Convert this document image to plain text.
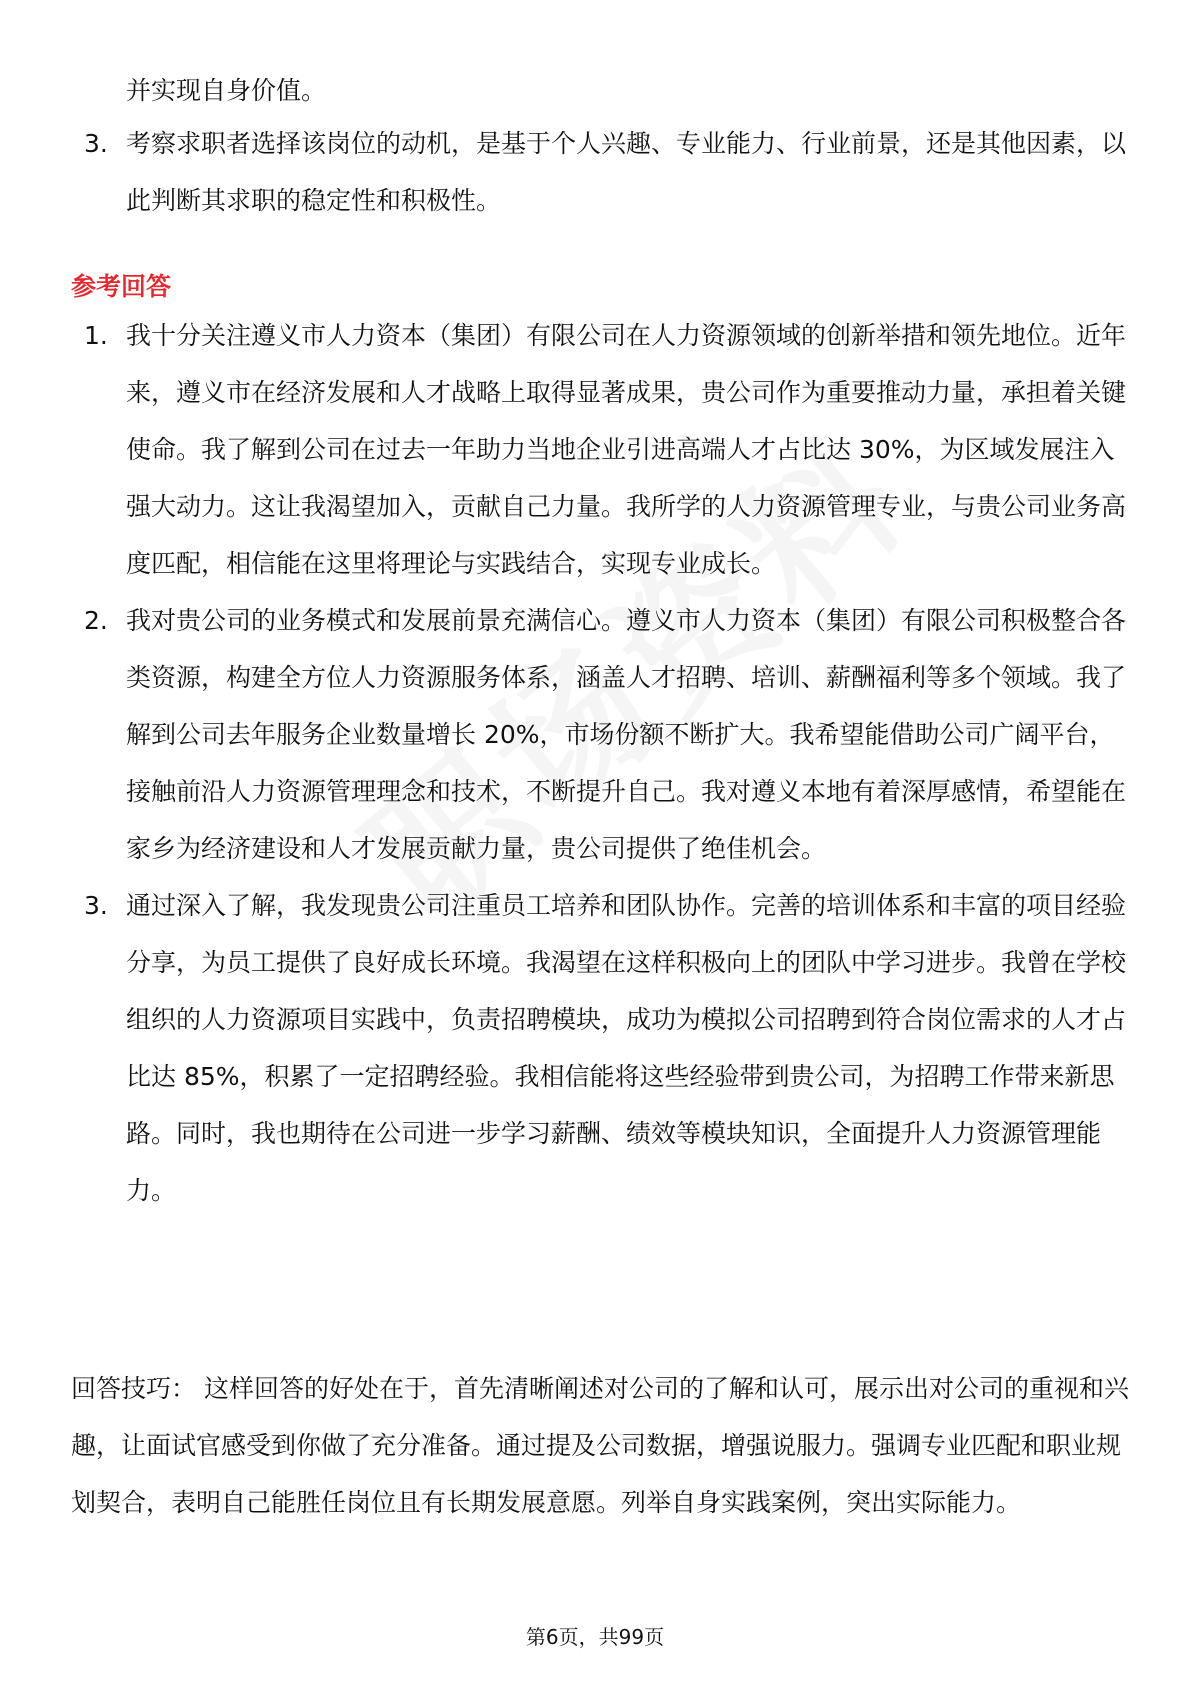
并实现自身价值。
3. 考察求职者选择该岗位的动机，是基于个人兴趣、专业能力、行业前景，还是其他因素，以此判断其求职的稳定性和积极性。
参考回答
1. 我十分关注遵义市人力资本（集团）有限公司在人力资源领域的创新举措和领先地位。近年来，遵义市在经济发展和人才战略上取得显著成果，贵公司作为重要推动力量，承担着关键使命。我了解到公司在过去一年助力当地企业引进高端人才占比达 30%，为区域发展注入强大动力。这让我渴望加入，贡献自己力量。我所学的人力资源管理专业，与贵公司业务高度匹配，相信能在这里将理论与实践结合，实现专业成长。
2. 我对贵公司的业务模式和发展前景充满信心。遵义市人力资本（集团）有限公司积极整合各类资源，构建全方位人力资源服务体系，涵盖人才招聘、培训、薪酬福利等多个领域。我了解到公司去年服务企业数量增长 20%，市场份额不断扩大。我希望能借助公司广阔平台，接触前沿人力资源管理理念和技术，不断提升自己。我对遵义本地有着深厚感情，希望能在家乡为经济建设和人才发展贡献力量，贵公司提供了绝佳机会。
3. 通过深入了解，我发现贵公司注重员工培养和团队协作。完善的培训体系和丰富的项目经验分享，为员工提供了良好成长环境。我渴望在这样积极向上的团队中学习进步。我曾在学校组织的人力资源项目实践中，负责招聘模块，成功为模拟公司招聘到符合岗位需求的人才占比达 85%，积累了一定招聘经验。我相信能将这些经验带到贵公司，为招聘工作带来新思路。同时，我也期待在公司进一步学习薪酬、绩效等模块知识，全面提升人力资源管理能力。
回答技巧： 这样回答的好处在于，首先清晰阐述对公司的了解和认可，展示出对公司的重视和兴趣，让面试官感受到你做了充分准备。通过提及公司数据，增强说服力。强调专业匹配和职业规划契合，表明自己能胜任岗位且有长期发展意愿。列举自身实践案例，突出实际能力。
第6页，共99页
